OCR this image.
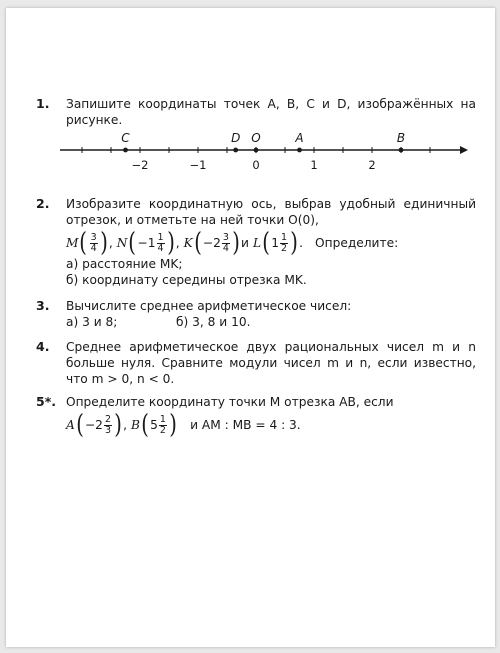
1.	Запишите координаты точек A, B, C и D, изображённых на рисунке.

−2	−1	0	1	2
C	D O	A	B
2.	Изобразите координатную ось, выбрав удобный единичный отрезок, и отметьте на ней точки O(0),

M ( $\frac{3}{4}$ ) , N ( $-1 \frac{1}{4}$ ) , K ( $-2 \frac{3}{4}$ ) и L ( $1 \frac{1}{2}$ ) . Определите:

а) расстояние MK;

б) координату середины отрезка MK.

3.	Вычислите среднее арифметическое чисел:

а) 3 и 8;	б) 3, 8 и 10.
4.	Среднее арифметическое двух рациональных чисел m и n больше нуля. Сравните модули чисел m и n, если известно, что m > 0, n < 0.

5*. Определите координату точки M отрезка AB, если

A ( $-2 \frac{2}{3}$ ) , B ( $5 \frac{1}{2}$ ) и AM : MB = 4 : 3.
